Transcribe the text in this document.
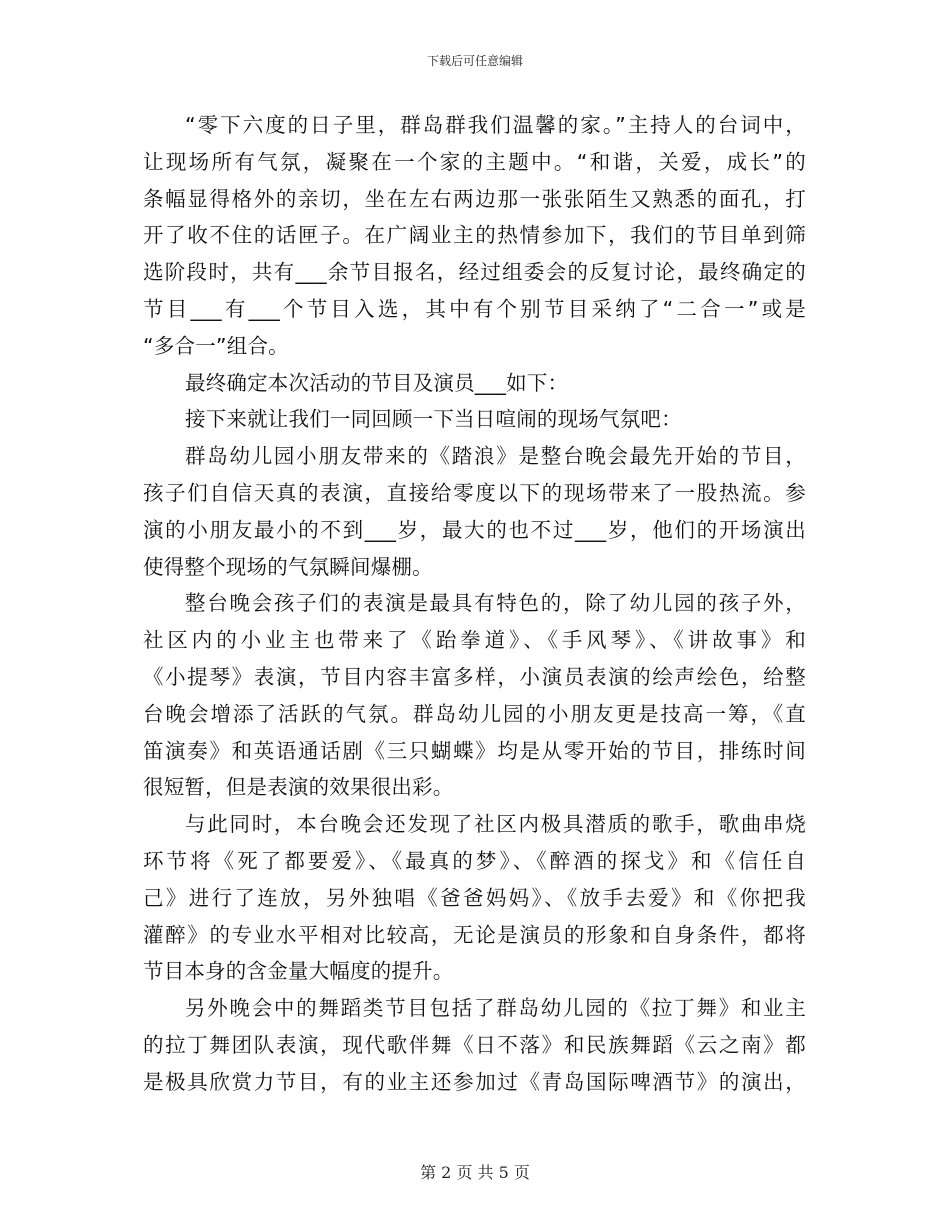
下载后可任意编辑

“零下六度的日子里，群岛群我们温馨的家。”主持人的台词中，
让现场所有气氛，凝聚在一个家的主题中。“和谐，关爱，成长”的
条幅显得格外的亲切，坐在左右两边那一张张陌生又熟悉的面孔，打
开了收不住的话匣子。在广阔业主的热情参加下，我们的节目单到筛
选阶段时，共有___余节目报名，经过组委会的反复讨论，最终确定的
节目___有___个节目入选，其中有个别节目采纳了“二合一”或是
“多合一”组合。

最终确定本次活动的节目及演员___如下：

接下来就让我们一同回顾一下当日喧闹的现场气氛吧：

群岛幼儿园小朋友带来的《踏浪》是整台晚会最先开始的节目，
孩子们自信天真的表演，直接给零度以下的现场带来了一股热流。参
演的小朋友最小的不到___岁，最大的也不过___岁，他们的开场演出
使得整个现场的气氛瞬间爆棚。

整台晚会孩子们的表演是最具有特色的，除了幼儿园的孩子外，
社区内的小业主也带来了《跆拳道》、《手风琴》、《讲故事》和
《小提琴》表演，节目内容丰富多样，小演员表演的绘声绘色，给整
台晚会增添了活跃的气氛。群岛幼儿园的小朋友更是技高一筹，《直
笛演奏》和英语通话剧《三只蝴蝶》均是从零开始的节目，排练时间
很短暂，但是表演的效果很出彩。

与此同时，本台晚会还发现了社区内极具潜质的歌手，歌曲串烧
环节将《死了都要爱》、《最真的梦》、《醉酒的探戈》和《信任自
己》进行了连放，另外独唱《爸爸妈妈》、《放手去爱》和《你把我
灌醉》的专业水平相对比较高，无论是演员的形象和自身条件，都将
节目本身的含金量大幅度的提升。

另外晚会中的舞蹈类节目包括了群岛幼儿园的《拉丁舞》和业主
的拉丁舞团队表演，现代歌伴舞《日不落》和民族舞蹈《云之南》都
是极具欣赏力节目，有的业主还参加过《青岛国际啤酒节》的演出，

第 2 页 共 5 页
